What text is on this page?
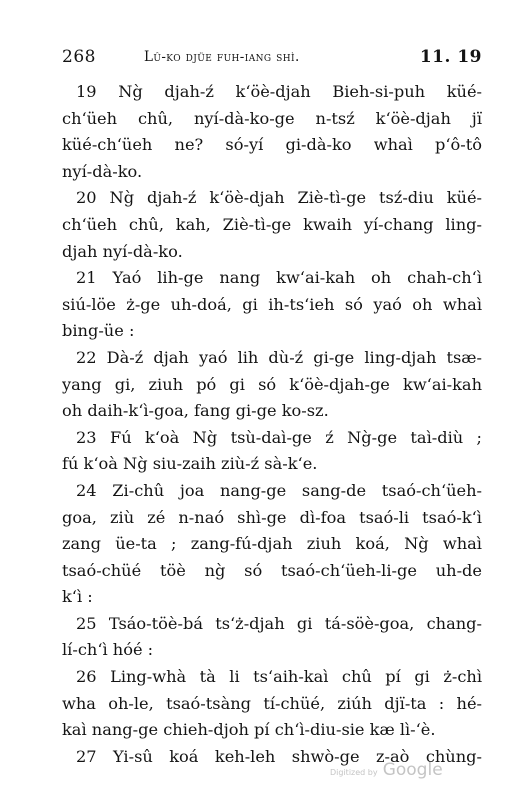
268	Lû-ko djüe fuh-iang shì.	11. 19
19 Ng̀ djah-ź k‘öè-djah Bieh-si-puh küé-
ch‘üeh chû, nyí-dà-ko-ge n-tsź k‘öè-djah jï
küé-ch‘üeh ne? só-yí gi-dà-ko whaì p‘ô-tô
nyí-dà-ko.
20 Ng̀ djah-ź k‘öè-djah Ziè-tì-ge tsź-diu küé-
ch‘üeh chû, kah, Ziè-tì-ge kwaih yí-chang ling-
djah nyí-dà-ko.
21 Yaó lih-ge nang kw‘ai-kah oh chah-ch‘ì
siú-löe ż-ge uh-doá, gi ih-ts‘ieh só yaó oh whaì
bing-üe :
22 Dà-ź djah yaó lih dù-ź gi-ge ling-djah tsæ-
yang gi, ziuh pó gi só k‘öè-djah-ge kw‘ai-kah
oh daih-k‘ì-goa, fang gi-ge ko-sz.
23 Fú k‘oà Ng̀ tsù-daì-ge ź Ng̀-ge taì-diù ;
fú k‘oà Ng̀ siu-zaih ziù-ź sà-k‘e.
24 Zi-chû joa nang-ge sang-de tsaó-ch‘üeh-
goa, ziù zé n-naó shì-ge dì-foa tsaó-li tsaó-k‘ì
zang üe-ta ; zang-fú-djah ziuh koá, Ng̀ whaì
tsaó-chüé töè ng̀ só tsaó-ch‘üeh-li-ge uh-de
k‘ì :
25 Tsáo-töè-bá ts‘ż-djah gi tá-söè-goa, chang-
lí-ch‘ì hóé :
26 Ling-whà tà li ts‘aih-kaì chû pí gi ż-chì
wha oh-le, tsaó-tsàng tí-chüé, ziúh djï-ta : hé-
kaì nang-ge chieh-djoh pí ch‘ì-diu-sie kæ lì-‘è.
27 Yi-sû koá keh-leh shwò-ge z-aò chùng-
Digitized by Google
